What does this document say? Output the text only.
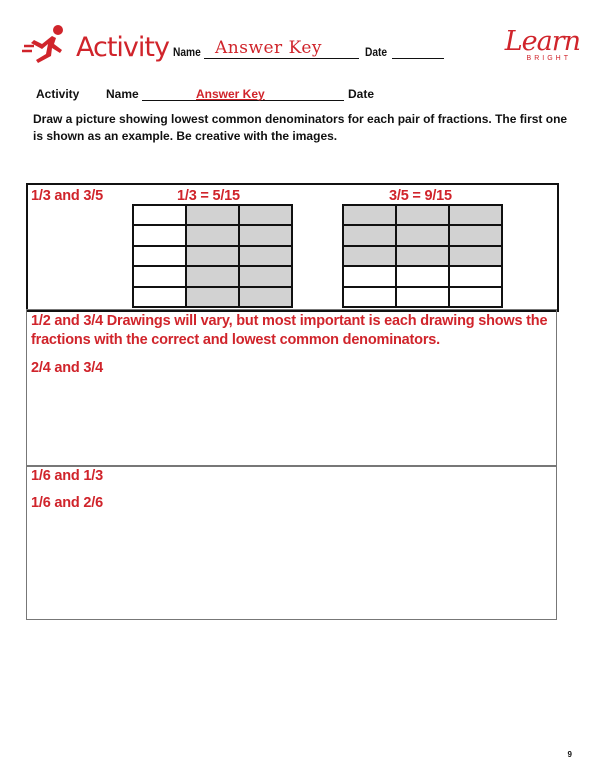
Activity Name Answer Key	Date	Learn
BRIGHT
Activity Name	Answer Key	Date
Draw a picture showing lowest common denominators for each pair of fractions. The first one is shown as an example. Be creative with the images.
1/3 and 3/5	1/3 = 5/15	3/5 = 9/15
1/2 and 3/4 Drawings will vary, but most important is each drawing shows the
fractions with the correct and lowest common denominators.
2/4 and 3/4
1/6 and 1/3
1/6 and 2/6
9
